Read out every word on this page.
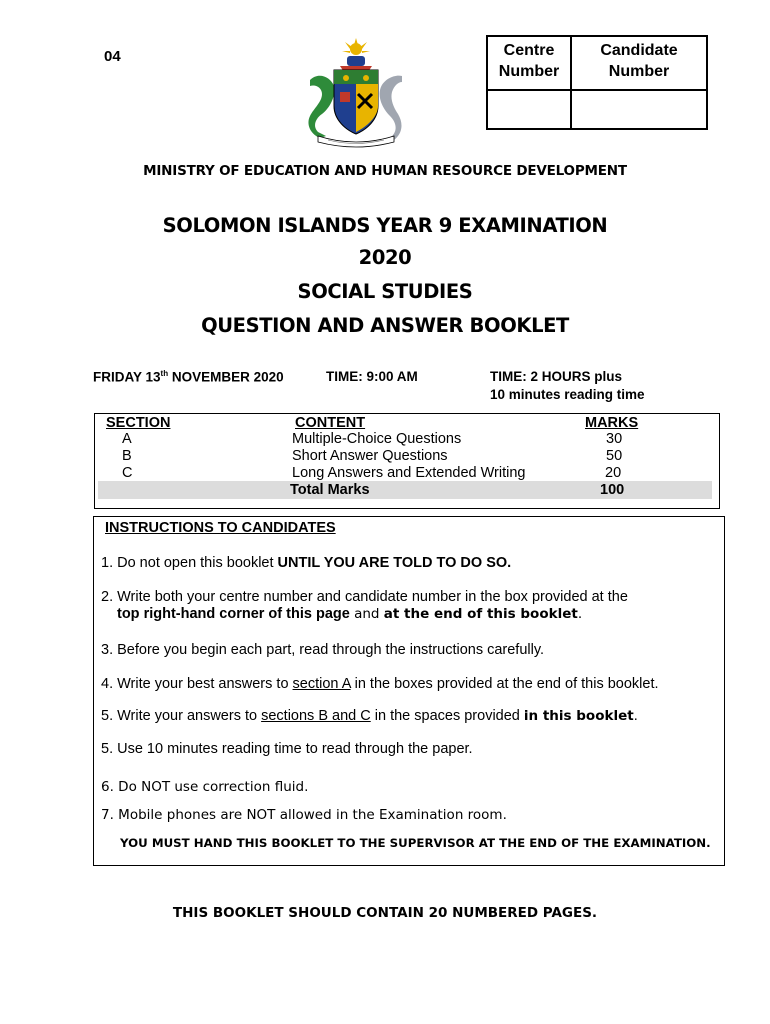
04	Centre Number
Candidate Number
MINISTRY OF EDUCATION AND HUMAN RESOURCE DEVELOPMENT
SOLOMON ISLANDS YEAR 9 EXAMINATION
2020
SOCIAL STUDIES
QUESTION AND ANSWER BOOKLET
FRIDAY 13th NOVEMBER 2020	TIME: 9:00 AM	TIME: 2 HOURS plus
10 minutes reading time
SECTION	CONTENT	MARKS
A	Multiple-Choice Questions	30
B	Short Answer Questions	50
C	Long Answers and Extended Writing	20
Total Marks	100
INSTRUCTIONS TO CANDIDATES
1. Do not open this booklet UNTIL YOU ARE TOLD TO DO SO.
2. Write both your centre number and candidate number in the box provided at the
top right-hand corner of this page and at the end of this booklet.
3. Before you begin each part, read through the instructions carefully.
4. Write your best answers to section A in the boxes provided at the end of this booklet.
5. Write your answers to sections B and C in the spaces provided in this booklet.
5. Use 10 minutes reading time to read through the paper.
6. Do NOT use correction fluid.
7. Mobile phones are NOT allowed in the Examination room.
YOU MUST HAND THIS BOOKLET TO THE SUPERVISOR AT THE END OF THE EXAMINATION.
THIS BOOKLET SHOULD CONTAIN 20 NUMBERED PAGES.
